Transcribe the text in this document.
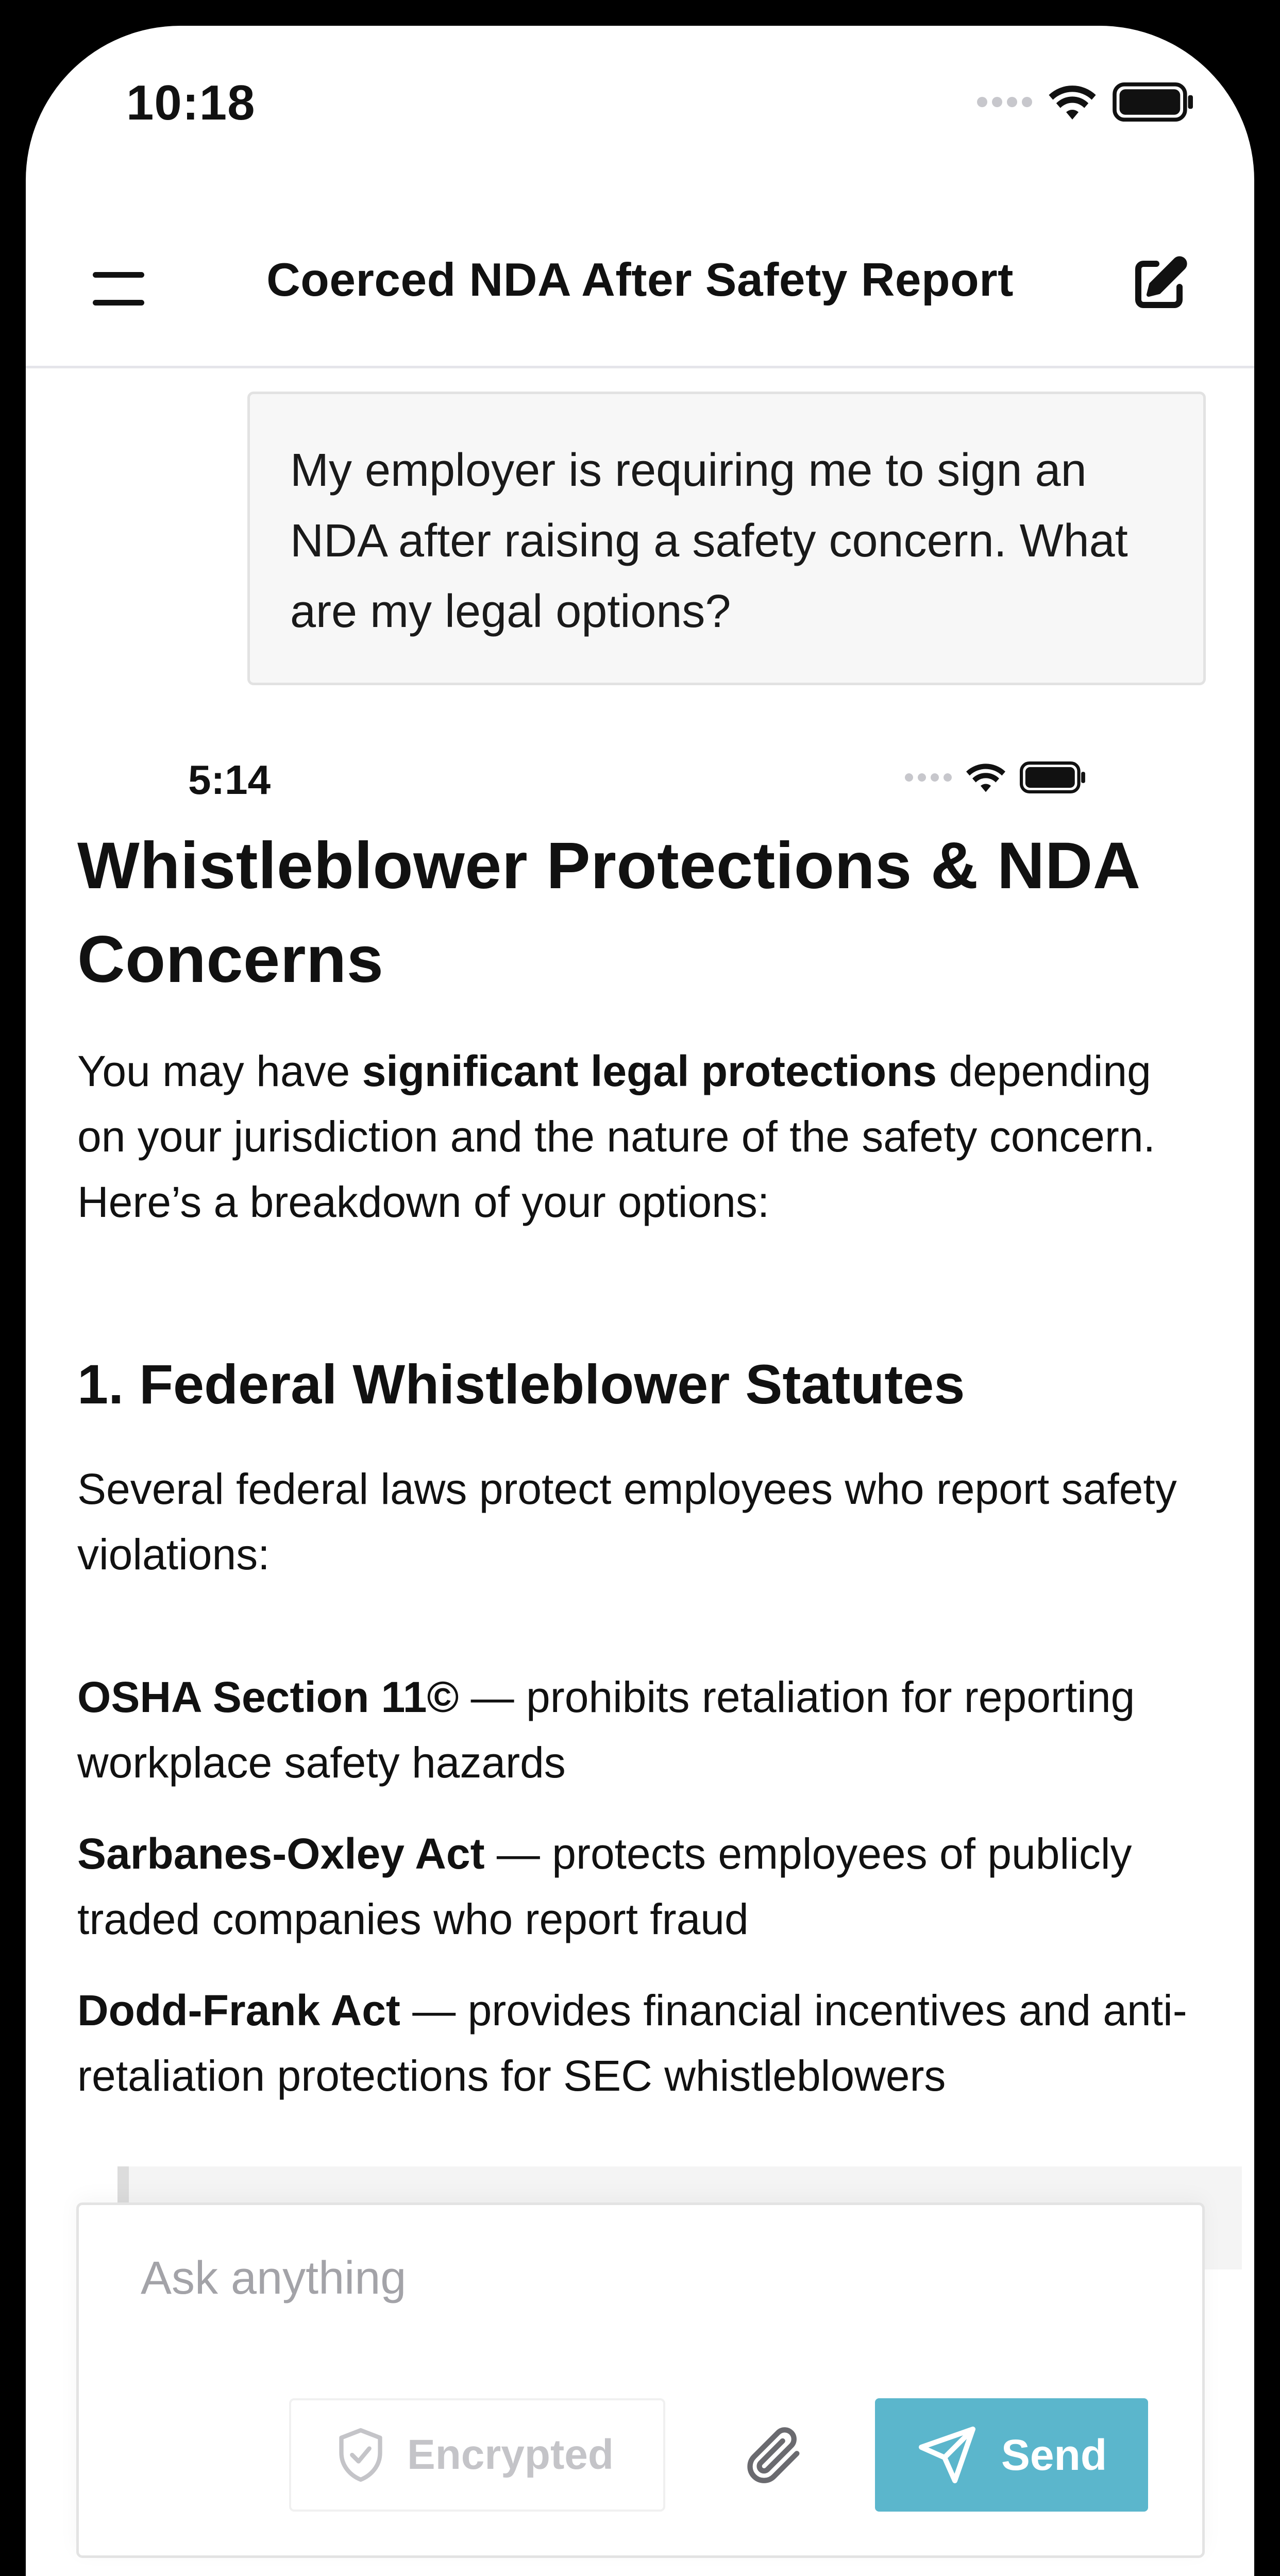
10:18
Coerced NDA After Safety Report
My employer is requiring me to sign an NDA after raising a safety concern. What are my legal options?
5:14
Whistleblower Protections & NDA Concerns

You may have significant legal protections depending on your jurisdiction and the nature of the safety concern. Here’s a breakdown of your options:

1. Federal Whistleblower Statutes

Several federal laws protect employees who report safety violations:

OSHA Section 11© — prohibits retaliation for reporting workplace safety hazards
Sarbanes-Oxley Act — protects employees of publicly traded companies who report fraud
Dodd-Frank Act — provides financial incentives and anti-retaliation protections for SEC whistleblowers
Ask anything
Encrypted	Send
